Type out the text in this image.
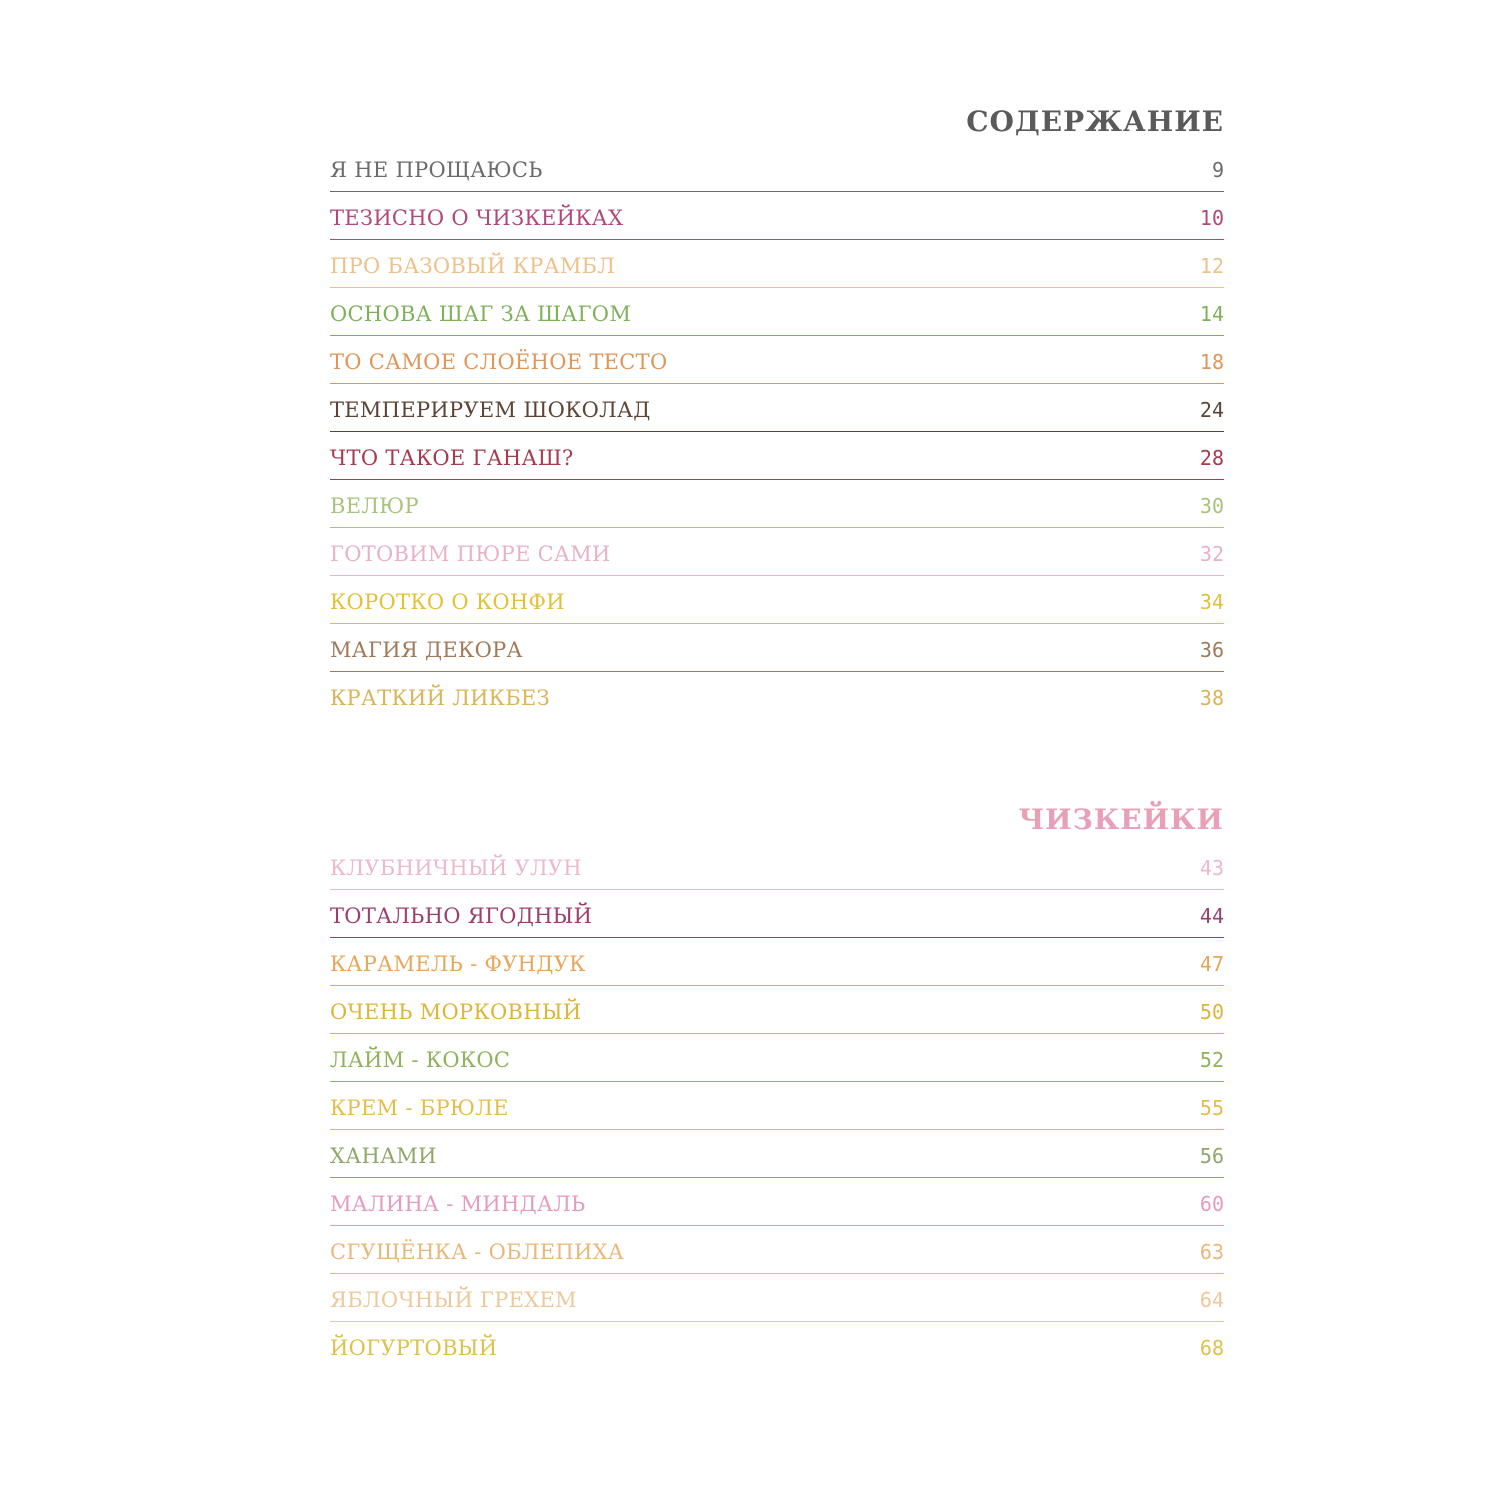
СОДЕРЖАНИЕ
Я НЕ ПРОЩАЮСЬ	9
ТЕЗИСНО О ЧИЗКЕЙКАХ	10
ПРО БАЗОВЫЙ КРАМБЛ	12
ОСНОВА ШАГ ЗА ШАГОМ	14
ТО САМОЕ СЛОЁНОЕ ТЕСТО	18
ТЕМПЕРИРУЕМ ШОКОЛАД	24
ЧТО ТАКОЕ ГАНАШ?	28
ВЕЛЮР	30
ГОТОВИМ ПЮРЕ САМИ	32
КОРОТКО О КОНФИ	34
МАГИЯ ДЕКОРА	36
КРАТКИЙ ЛИКБЕЗ	38
ЧИЗКЕЙКИ
КЛУБНИЧНЫЙ УЛУН	43
ТОТАЛЬНО ЯГОДНЫЙ	44
КАРАМЕЛЬ - ФУНДУК	47
ОЧЕНЬ МОРКОВНЫЙ	50
ЛАЙМ - КОКОС	52
КРЕМ - БРЮЛЕ	55
ХАНАМИ	56
МАЛИНА - МИНДАЛЬ	60
СГУЩЁНКА - ОБЛЕПИХА	63
ЯБЛОЧНЫЙ ГРЕХЕМ	64
ЙОГУРТОВЫЙ	68
